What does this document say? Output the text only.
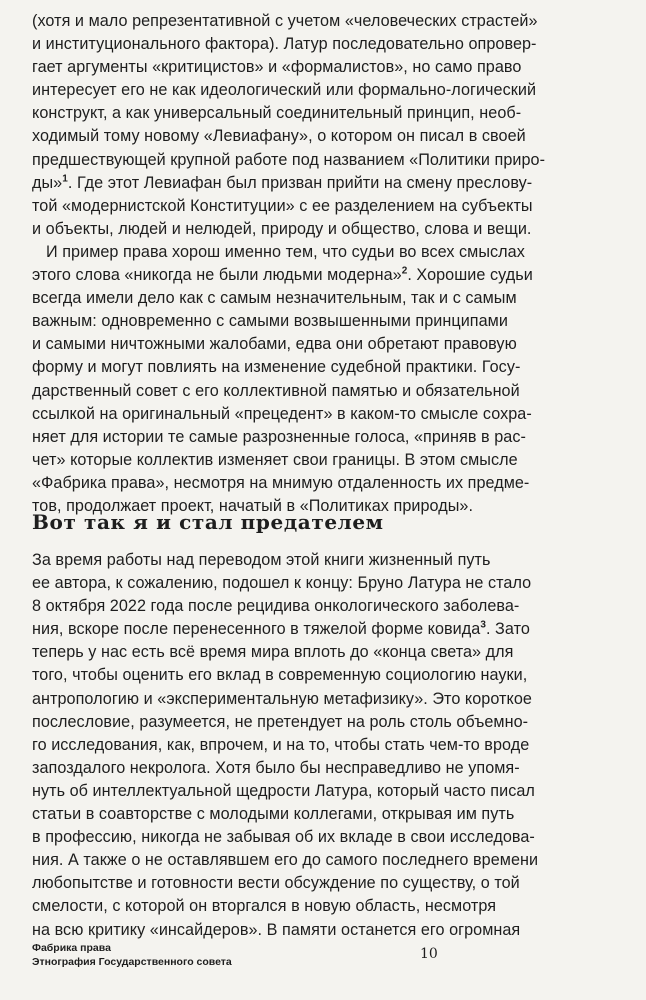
(хотя и мало репрезентативной с учетом «человеческих страстей»
и институционального фактора). Латур последовательно опровер-
гает аргументы «критицистов» и «формалистов», но само право
интересует его не как идеологический или формально-логический
конструкт, а как универсальный соединительный принцип, необ-
ходимый тому новому «Левиафану», о котором он писал в своей
предшествующей крупной работе под названием «Политики приро-
ды»$^1$. Где этот Левиафан был призван прийти на смену преслову-
той «модернистской Конституции» с ее разделением на субъекты
и объекты, людей и нелюдей, природу и общество, слова и вещи.
И пример права хорош именно тем, что судьи во всех смыслах
этого слова «никогда не были людьми модерна»$^2$. Хорошие судьи
всегда имели дело как с самым незначительным, так и с самым
важным: одновременно с самыми возвышенными принципами
и самыми ничтожными жалобами, едва они обретают правовую
форму и могут повлиять на изменение судебной практики. Госу-
дарственный совет с его коллективной памятью и обязательной
ссылкой на оригинальный «прецедент» в каком-то смысле сохра-
няет для истории те самые разрозненные голоса, «приняв в рас-
чет» которые коллектив изменяет свои границы. В этом смысле
«Фабрика права», несмотря на мнимую отдаленность их предме-
тов, продолжает проект, начатый в «Политиках природы».
Вот так я и стал предателем
За время работы над переводом этой книги жизненный путь
ее автора, к сожалению, подошел к концу: Бруно Латура не стало
8 октября 2022 года после рецидива онкологического заболева-
ния, вскоре после перенесенного в тяжелой форме ковида$^3$. Зато
теперь у нас есть всё время мира вплоть до «конца света» для
того, чтобы оценить его вклад в современную социологию науки,
антропологию и «экспериментальную метафизику». Это короткое
послесловие, разумеется, не претендует на роль столь объемно-
го исследования, как, впрочем, и на то, чтобы стать чем-то вроде
запоздалого некролога. Хотя было бы несправедливо не упомя-
нуть об интеллектуальной щедрости Латура, который часто писал
статьи в соавторстве с молодыми коллегами, открывая им путь
в профессию, никогда не забывая об их вкладе в свои исследова-
ния. А также о не оставлявшем его до самого последнего времени
любопытстве и готовности вести обсуждение по существу, о той
смелости, с которой он вторгался в новую область, несмотря
на всю критику «инсайдеров». В памяти останется его огромная
Фабрика права
Этнография Государственного совета	10
